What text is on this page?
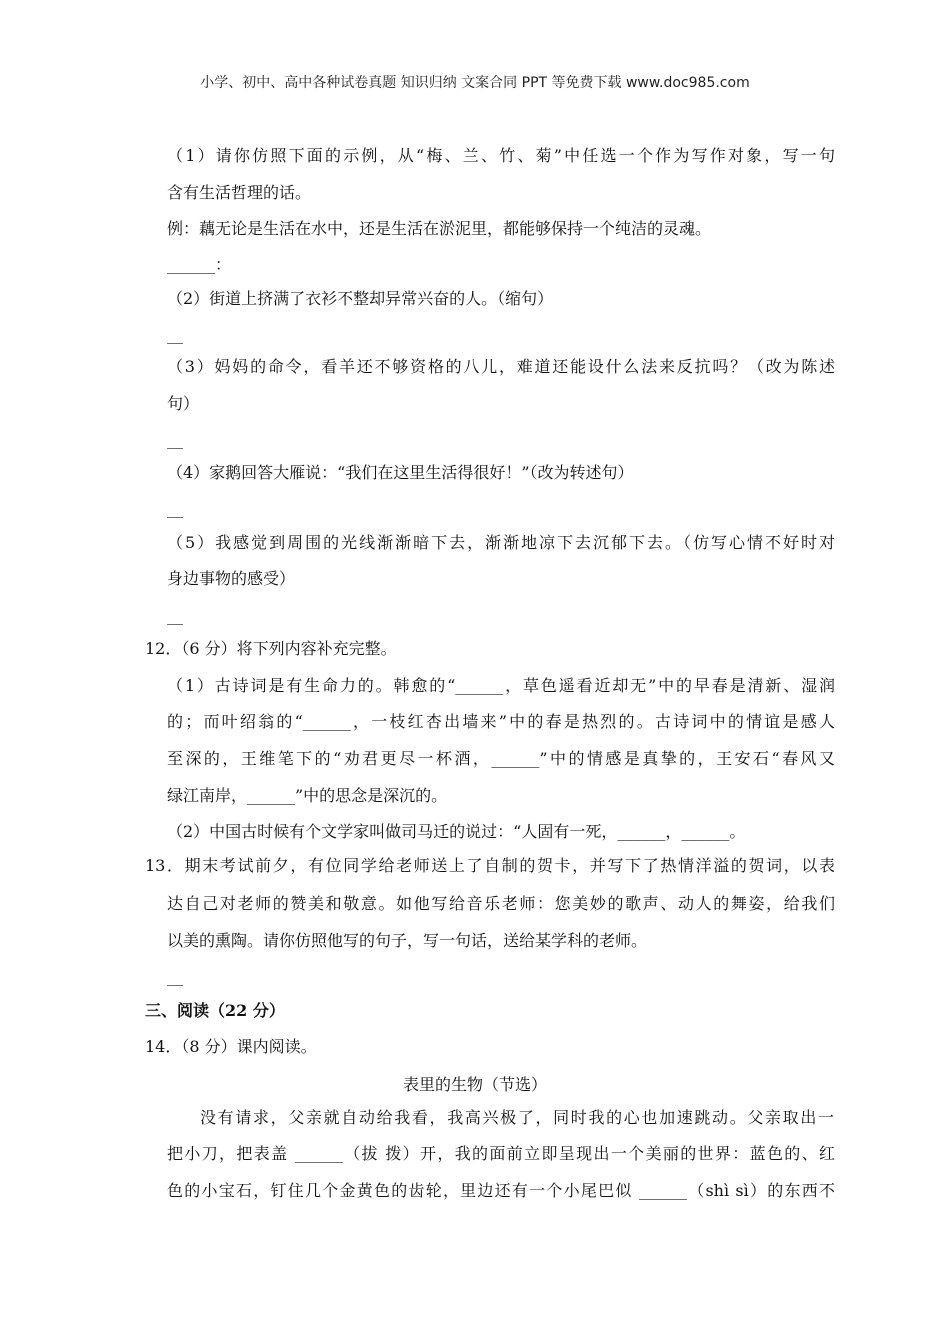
小学、初中、高中各种试卷真题 知识归纳 文案合同 PPT 等免费下载 www.doc985.com
（1）请你仿照下面的示例，从“梅、兰、竹、菊”中任选一个作为写作对象，写一句
含有生活哲理的话。
例：藕无论是生活在水中，还是生活在淤泥里，都能够保持一个纯洁的灵魂。
______：
（2）街道上挤满了衣衫不整却异常兴奋的人。（缩句）
__
（3）妈妈的命令，看羊还不够资格的八儿，难道还能设什么法来反抗吗？（改为陈述
句）
__
（4）家鹅回答大雁说：“我们在这里生活得很好！”（改为转述句）
__
（5）我感觉到周围的光线渐渐暗下去，渐渐地凉下去沉郁下去。（仿写心情不好时对
身边事物的感受）
__
12．（6 分）将下列内容补充完整。
（1）古诗词是有生命力的。韩愈的“______，草色遥看近却无”中的早春是清新、湿润
的；而叶绍翁的“______，一枝红杏出墙来”中的春是热烈的。古诗词中的情谊是感人
至深的，王维笔下的“劝君更尽一杯酒，______”中的情感是真挚的，王安石“春风又
绿江南岸，______”中的思念是深沉的。
（2）中国古时候有个文学家叫做司马迁的说过：“人固有一死，______，______。
13．期末考试前夕，有位同学给老师送上了自制的贺卡，并写下了热情洋溢的贺词，以表
达自己对老师的赞美和敬意。如他写给音乐老师：您美妙的歌声、动人的舞姿，给我们
以美的熏陶。请你仿照他写的句子，写一句话，送给某学科的老师。
__
三、阅读（22 分）
14．（8 分）课内阅读。
表里的生物（节选）
没有请求，父亲就自动给我看，我高兴极了，同时我的心也加速跳动。父亲取出一
把小刀，把表盖 ______（拔 拨）开，我的面前立即呈现出一个美丽的世界：蓝色的、红
色的小宝石，钉住几个金黄色的齿轮，里边还有一个小尾巴似 ______（shì sì）的东西不
